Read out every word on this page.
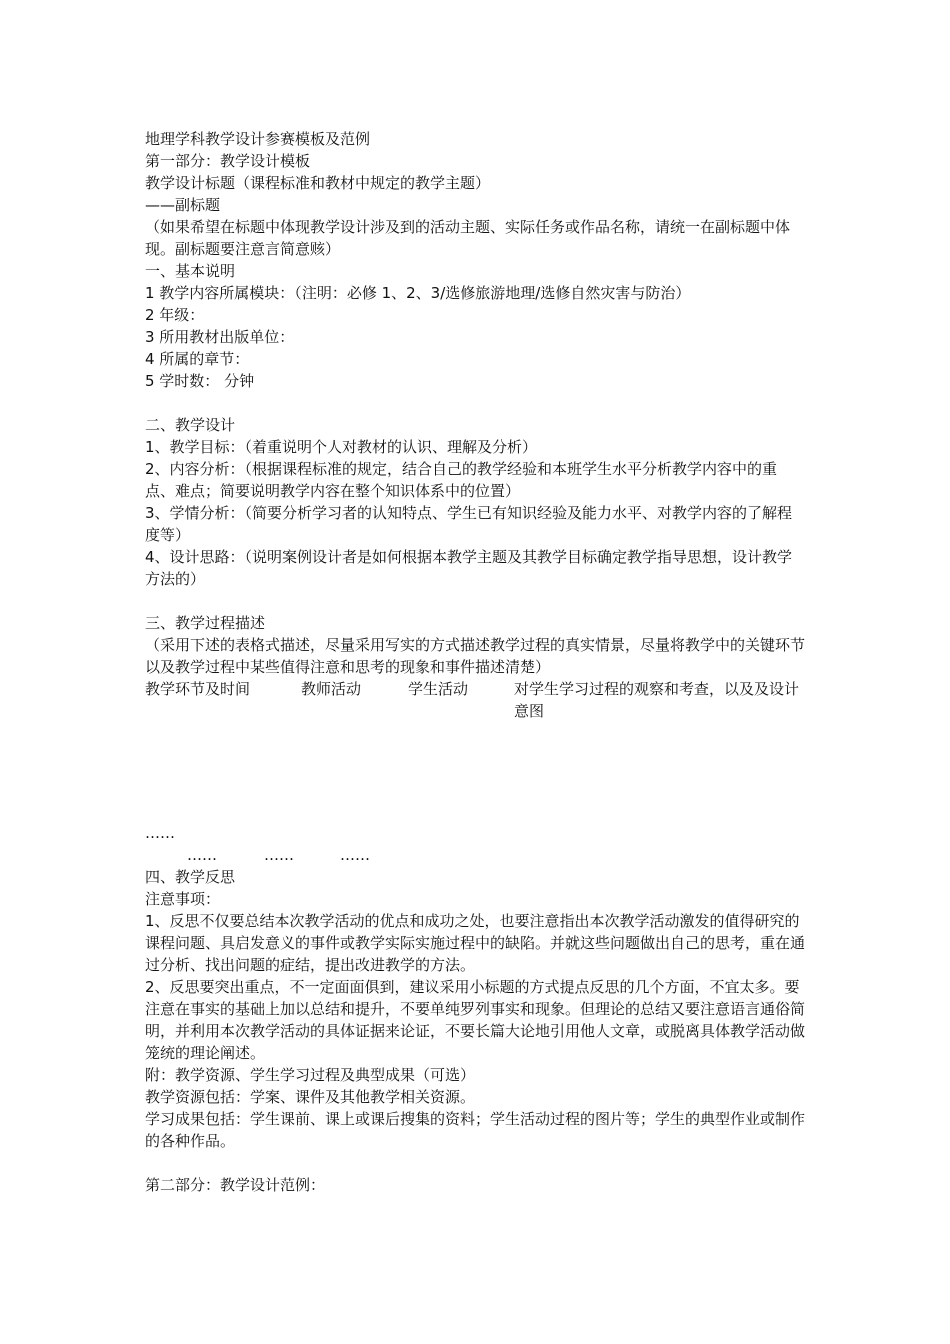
地理学科教学设计参赛模板及范例
第一部分：教学设计模板
教学设计标题（课程标准和教材中规定的教学主题）
——副标题
（如果希望在标题中体现教学设计涉及到的活动主题、实际任务或作品名称，请统一在副标题中体现。副标题要注意言简意赅）
一、基本说明
1 教学内容所属模块：（注明：必修 1、2、3/选修旅游地理/选修自然灾害与防治）
2 年级：
3 所用教材出版单位：
4 所属的章节：
5 学时数： 分钟
二、教学设计
1、教学目标：（着重说明个人对教材的认识、理解及分析）
2、内容分析：（根据课程标准的规定，结合自己的教学经验和本班学生水平分析教学内容中的重点、难点；简要说明教学内容在整个知识体系中的位置）
3、学情分析：（简要分析学习者的认知特点、学生已有知识经验及能力水平、对教学内容的了解程度等）
4、设计思路：（说明案例设计者是如何根据本教学主题及其教学目标确定教学指导思想，设计教学方法的）
三、教学过程描述
（采用下述的表格式描述，尽量采用写实的方式描述教学过程的真实情景，尽量将教学中的关键环节以及教学过程中某些值得注意和思考的现象和事件描述清楚）
教学环节及时间	教师活动	学生活动	对学生学习过程的观察和考查，以及及设计意图
……
……	……	……
四、教学反思
注意事项：
1、反思不仅要总结本次教学活动的优点和成功之处，也要注意指出本次教学活动激发的值得研究的课程问题、具启发意义的事件或教学实际实施过程中的缺陷。并就这些问题做出自己的思考，重在通过分析、找出问题的症结，提出改进教学的方法。
2、反思要突出重点，不一定面面俱到，建议采用小标题的方式提点反思的几个方面，不宜太多。要注意在事实的基础上加以总结和提升，不要单纯罗列事实和现象。但理论的总结又要注意语言通俗简明，并利用本次教学活动的具体证据来论证，不要长篇大论地引用他人文章，或脱离具体教学活动做笼统的理论阐述。
附：教学资源、学生学习过程及典型成果（可选）
教学资源包括：学案、课件及其他教学相关资源。
学习成果包括：学生课前、课上或课后搜集的资料；学生活动过程的图片等；学生的典型作业或制作的各种作品。
第二部分：教学设计范例：
